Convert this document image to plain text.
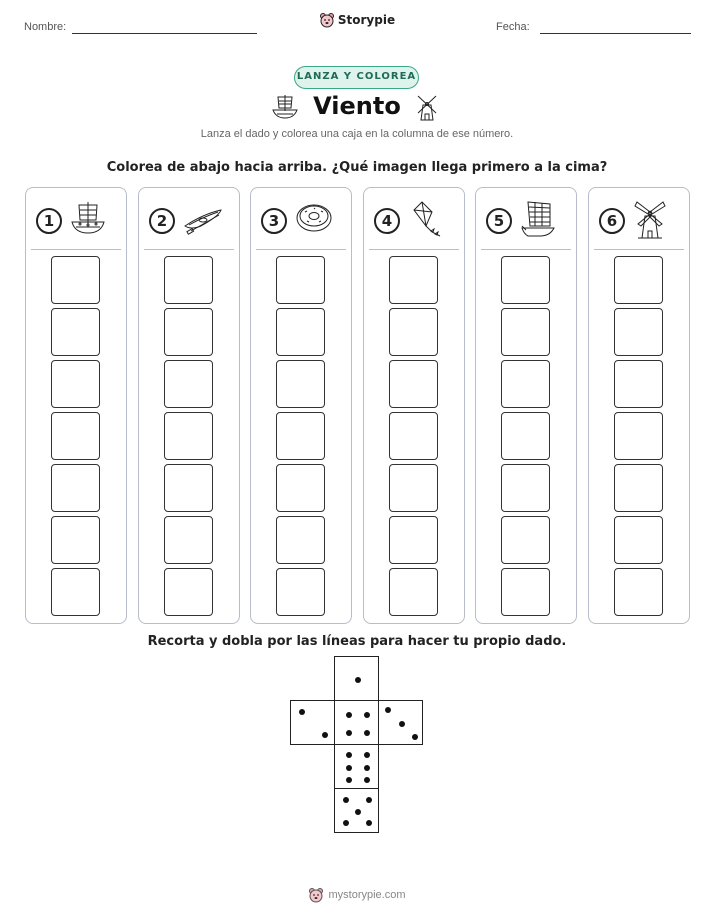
Nombre:	Fecha:
Storypie
LANZA Y COLOREA
Viento
Lanza el dado y colorea una caja en la columna de ese número.
Colorea de abajo hacia arriba. ¿Qué imagen llega primero a la cima?
1	2	3	4	5	6
Recorta y dobla por las líneas para hacer tu propio dado.
mystorypie.com
